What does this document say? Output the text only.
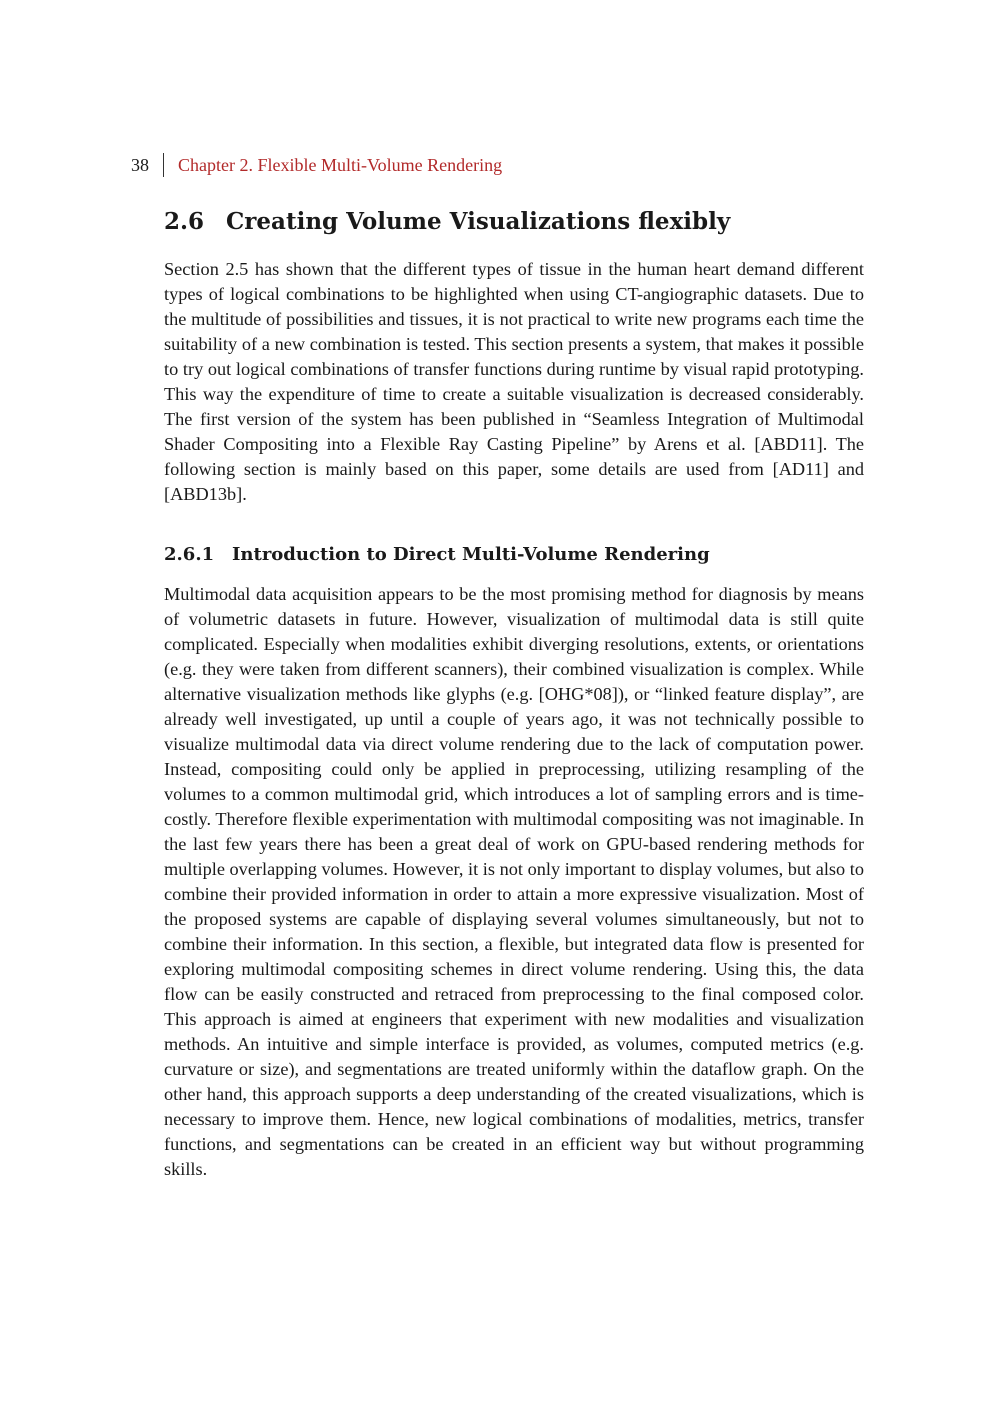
38 Chapter 2. Flexible Multi-Volume Rendering
2.6 Creating Volume Visualizations flexibly

Section 2.5 has shown that the different types of tissue in the human heart demand different types of logical combinations to be highlighted when using CT-angiographic datasets. Due to the multitude of possibilities and tissues, it is not practical to write new programs each time the suitability of a new combination is tested. This section presents a system, that makes it possible to try out logical combinations of transfer functions during runtime by visual rapid prototyping. This way the expenditure of time to create a suitable visualization is decreased considerably. The first version of the system has been published in “Seamless Integration of Multimodal Shader Compositing into a Flexible Ray Casting Pipeline” by Arens et al. [ABD11]. The following section is mainly based on this paper, some details are used from [AD11] and [ABD13b].

2.6.1 Introduction to Direct Multi-Volume Rendering

Multimodal data acquisition appears to be the most promising method for diagnosis by means of volumetric datasets in future. However, visualization of multimodal data is still quite complicated. Especially when modalities exhibit diverging resolutions, extents, or orientations (e.g. they were taken from different scanners), their combined visualization is complex. While alternative visualization methods like glyphs (e.g. [OHG*08]), or “linked feature display”, are already well investigated, up until a couple of years ago, it was not technically possible to visualize multimodal data via direct volume rendering due to the lack of computation power. Instead, compositing could only be applied in preprocessing, utilizing resampling of the volumes to a common multimodal grid, which introduces a lot of sampling errors and is time-costly. Therefore flexible experimentation with multimodal compositing was not imaginable. In the last few years there has been a great deal of work on GPU-based rendering methods for multiple overlapping volumes. However, it is not only important to display volumes, but also to combine their provided information in order to attain a more expressive visualization. Most of the proposed systems are capable of displaying several volumes simultaneously, but not to combine their information. In this section, a flexible, but integrated data flow is presented for exploring multimodal compositing schemes in direct volume rendering. Using this, the data flow can be easily constructed and retraced from preprocessing to the final composed color. This approach is aimed at engineers that experiment with new modalities and visualization methods. An intuitive and simple interface is provided, as volumes, computed metrics (e.g. curvature or size), and segmentations are treated uniformly within the dataflow graph. On the other hand, this approach supports a deep understanding of the created visualizations, which is necessary to improve them. Hence, new logical combinations of modalities, metrics, transfer functions, and segmentations can be created in an efficient way but without programming skills.
